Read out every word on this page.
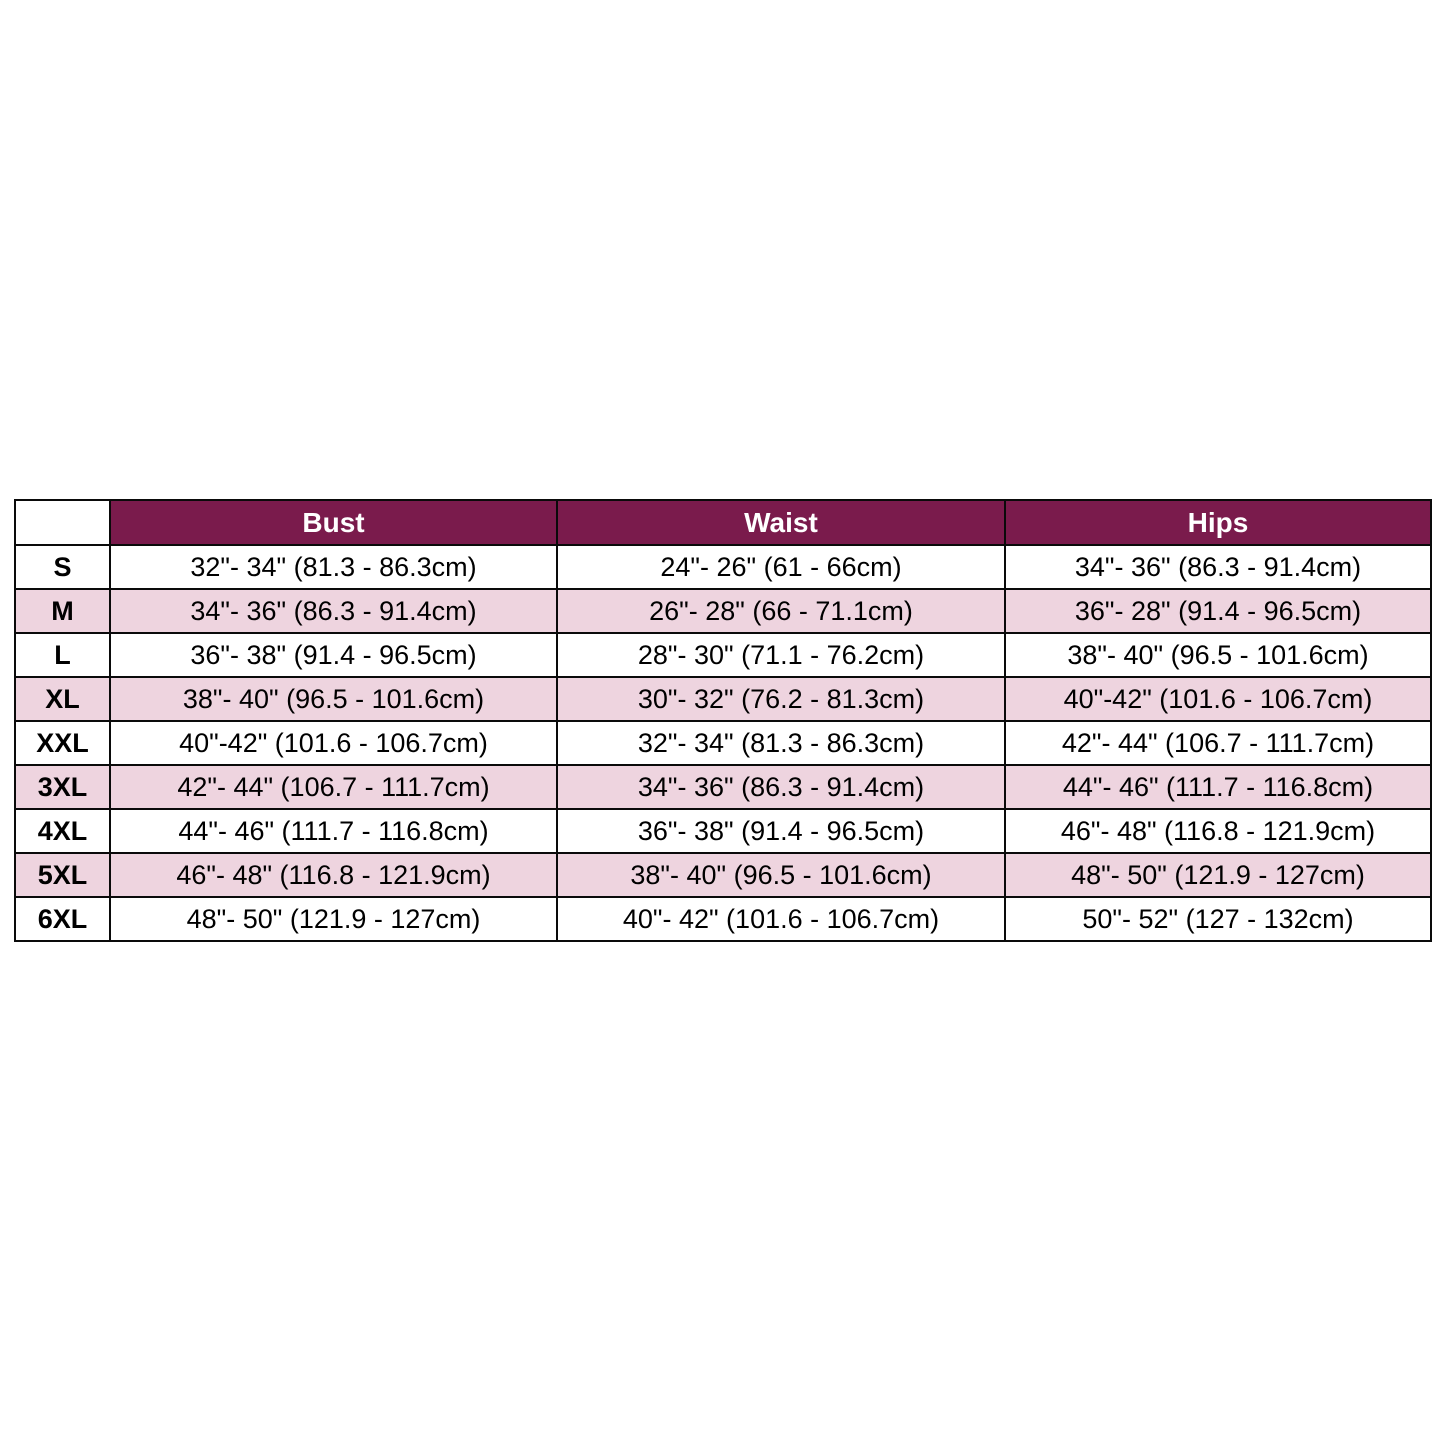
	Bust	Waist	Hips
S	32"- 34" (81.3 - 86.3cm)	24"- 26" (61 - 66cm)	34"- 36" (86.3 - 91.4cm)
M	34"- 36" (86.3 - 91.4cm)	26"- 28" (66 - 71.1cm)	36"- 28" (91.4 - 96.5cm)
L	36"- 38" (91.4 - 96.5cm)	28"- 30" (71.1 - 76.2cm)	38"- 40" (96.5 - 101.6cm)
XL	38"- 40" (96.5 - 101.6cm)	30"- 32" (76.2 - 81.3cm)	40"-42" (101.6 - 106.7cm)
XXL	40"-42" (101.6 - 106.7cm)	32"- 34" (81.3 - 86.3cm)	42"- 44" (106.7 - 111.7cm)
3XL	42"- 44" (106.7 - 111.7cm)	34"- 36" (86.3 - 91.4cm)	44"- 46" (111.7 - 116.8cm)
4XL	44"- 46" (111.7 - 116.8cm)	36"- 38" (91.4 - 96.5cm)	46"- 48" (116.8 - 121.9cm)
5XL	46"- 48" (116.8 - 121.9cm)	38"- 40" (96.5 - 101.6cm)	48"- 50" (121.9 - 127cm)
6XL	48"- 50" (121.9 - 127cm)	40"- 42" (101.6 - 106.7cm)	50"- 52" (127 - 132cm)
